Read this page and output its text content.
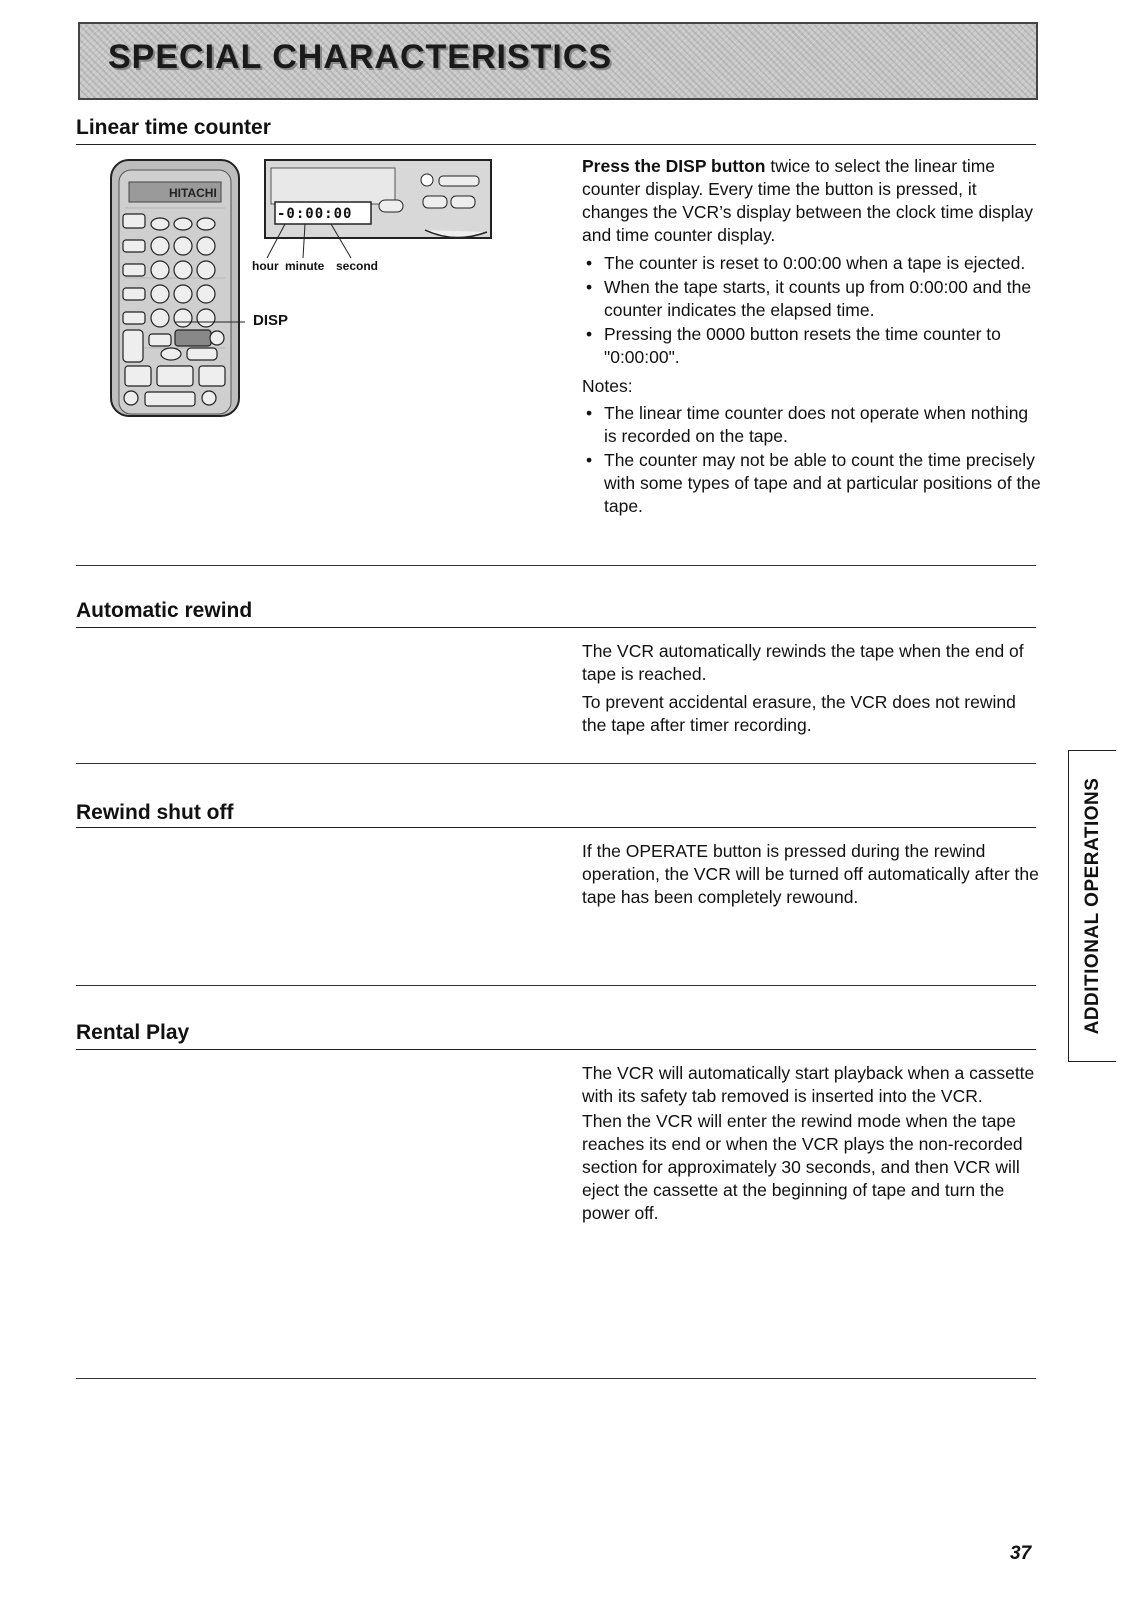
SPECIAL CHARACTERISTICS
Linear time counter
HITACHI
-0:00:00
hour minute second
DISP

Press the DISP button twice to select the linear time counter display. Every time the button is pressed, it changes the VCR’s display between the clock time display and time counter display.

• The counter is reset to 0:00:00 when a tape is ejected.
• When the tape starts, it counts up from 0:00:00 and the counter indicates the elapsed time.
• Pressing the 0000 button resets the time counter to "0:00:00".
Notes:
• The linear time counter does not operate when nothing is recorded on the tape.
• The counter may not be able to count the time precisely with some types of tape and at particular positions of the tape.
Automatic rewind

The VCR automatically rewinds the tape when the end of tape is reached.

To prevent accidental erasure, the VCR does not rewind the tape after timer recording.

Rewind shut off

If the OPERATE button is pressed during the rewind operation, the VCR will be turned off automatically after the tape has been completely rewound.

Rental Play

The VCR will automatically start playback when a cassette with its safety tab removed is inserted into the VCR.

Then the VCR will enter the rewind mode when the tape reaches its end or when the VCR plays the non-recorded section for approximately 30 seconds, and then VCR will eject the cassette at the beginning of tape and turn the power off.

ADDITIONAL OPERATIONS
37
